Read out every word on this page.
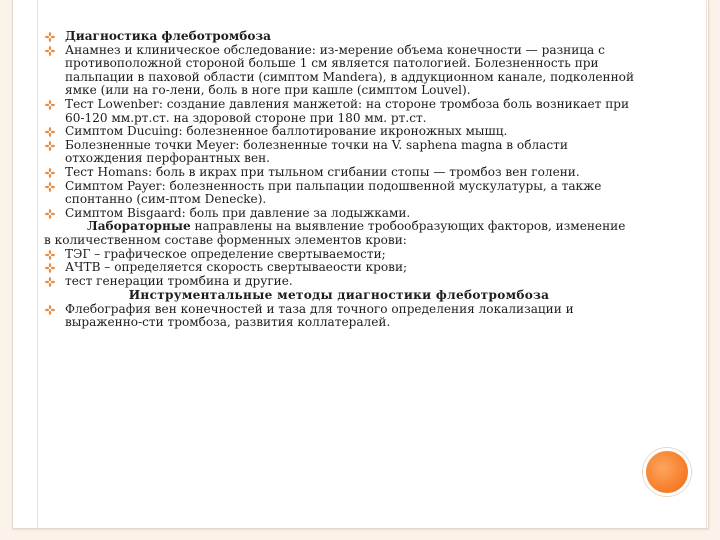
Диагностика флеботромбоза

Анамнез и клиническое обследование: из-мерение объема конечности — разница с противоположной стороной больше 1 см является патологией. Болезненность при пальпации в паховой области (симптом Mandera), в аддукционном канале, подколенной ямке (или на го-лени, боль в ноге при кашле (симптом Louvel).

Тест Lowenber: создание давления манжетой: на стороне тромбоза боль возникает при 60-120 мм.рт.ст. на здоровой стороне при 180 мм. рт.ст.

Симптом Ducuing: болезненное баллотирование икроножных мышц.

Болезненные точки Meyer: болезненные точки на V. saphena magna в области отхождения перфорантных вен.

Тест Homans: боль в икрах при тыльном сгибании стопы — тромбоз вен голени.

Симптом Payer: болезненность при пальпации подошвенной мускулатуры, а также спонтанно (сим-птом Denecke).

Симптом Bisgaard: боль при давление за лодыжками.

Лабораторные направлены на выявление тробообразующих факторов, изменение в количественном составе форменных элементов крови:

ТЭГ – графическое определение свертываемости;

АЧТВ – определяется скорость свертываеости крови;

тест генерации тромбина и другие.

Инструментальные методы диагностики флеботромбоза

Флебография вен конечностей и таза для точного определения локализации и выраженно-сти тромбоза, развития коллатералей.
